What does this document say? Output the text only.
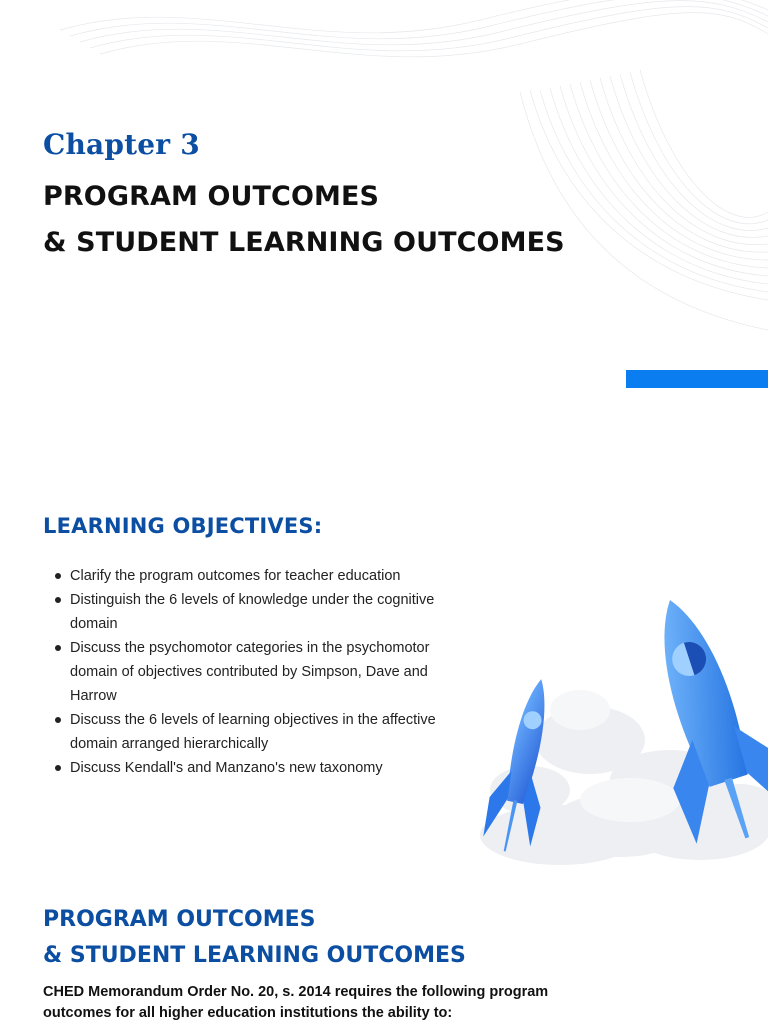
Chapter 3
PROGRAM OUTCOMES
& STUDENT LEARNING OUTCOMES
LEARNING OBJECTIVES:
Clarify the program outcomes for teacher education
Distinguish the 6 levels of knowledge under the cognitive domain
Discuss the psychomotor categories in the psychomotor domain of objectives contributed by Simpson, Dave and Harrow
Discuss the 6 levels of learning objectives in the affective domain arranged hierarchically
Discuss Kendall's and Manzano's new taxonomy
PROGRAM OUTCOMES
& STUDENT LEARNING OUTCOMES

CHED Memorandum Order No. 20, s. 2014 requires the following program outcomes for all higher education institutions the ability to:
